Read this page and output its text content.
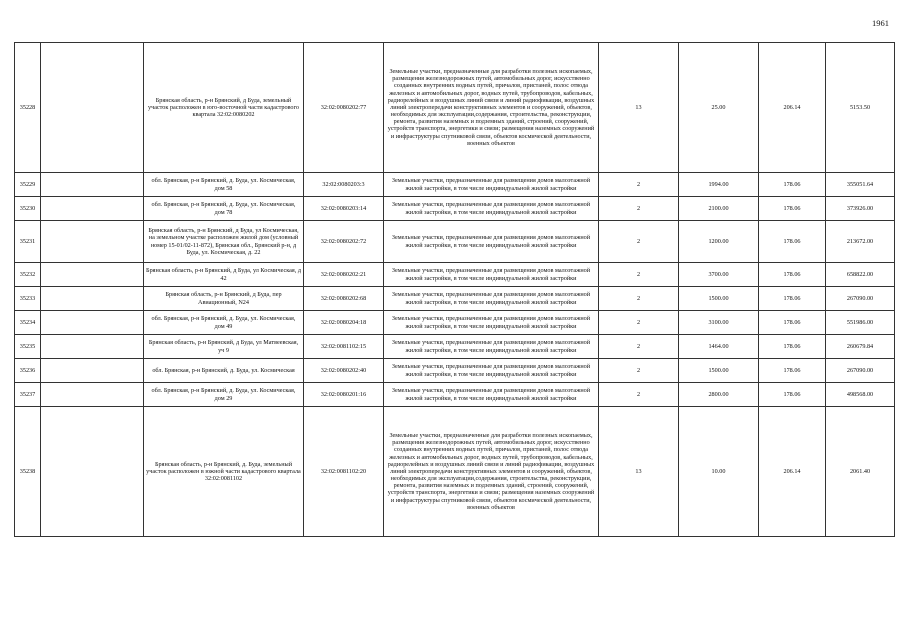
1961
35228		Брянская область, р-н Брянский, д Буда, земельный участок расположен в юго-восточной части кадастрового квартала 32:02:0080202	32:02:0080202:77	Земельные участки, предназначенные для разработки полезных ископаемых, размещения железнодорожных путей, автомобильных дорог, искусственно созданных внутренних водных путей, причалов, пристаней, полос отвода железных и автомобильных дорог, водных путей, трубопроводов, кабельных, радиорелейных и воздушных линий связи и линий радиофикации, воздушных линий электропередачи конструктивных элементов и сооружений, объектов, необходимых для эксплуатации,содержания, строительства, реконструкции, ремонта, развития наземных и подземных зданий, строений, сооружений, устройств транспорта, энергетики и связи; размещения наземных сооружений и инфраструктуры спутниковой связи, объектов космической деятельности, военных объектов	13	25.00	206.14	5153.50
35229		обл. Брянская, р-н Брянский, д. Буда, ул. Космическая, дом 58	32:02:0080203:3	Земельные участки, предназначенные для размещения домов малоэтажной жилой застройки, в том числе индивидуальной жилой застройки	2	1994.00	178.06	355051.64
35230		обл. Брянская, р-н Брянский, д. Буда, ул. Космическая, дом 78	32:02:0080203:14	Земельные участки, предназначенные для размещения домов малоэтажной жилой застройки, в том числе индивидуальной жилой застройки	2	2100.00	178.06	373926.00
35231		Брянская область, р-н Брянский, д Буда, ул Космическая, на земельном участке расположен жилой дом (условный номер 15-01/02-11-872), Брянская обл., Брянский р-н, д Буда, ул. Космическая, д. 22	32:02:0080202:72	Земельные участки, предназначенные для размещения домов малоэтажной жилой застройки, в том числе индивидуальной жилой застройки	2	1200.00	178.06	213672.00
35232		Брянская область, р-н Брянский, д Буда, ул Космическая, д 42	32:02:0080202:21	Земельные участки, предназначенные для размещения домов малоэтажной жилой застройки, в том числе индивидуальной жилой застройки	2	3700.00	178.06	658822.00
35233		Брянская область, р-н Брянский, д Буда, пер Авиационный, N24	32:02:0080202:68	Земельные участки, предназначенные для размещения домов малоэтажной жилой застройки, в том числе индивидуальной жилой застройки	2	1500.00	178.06	267090.00
35234		обл. Брянская, р-н Брянский, д. Буда, ул. Космическая, дом 49	32:02:0080204:18	Земельные участки, предназначенные для размещения домов малоэтажной жилой застройки, в том числе индивидуальной жилой застройки	2	3100.00	178.06	551986.00
35235		Брянская область, р-н Брянский, д Буда, ул Матвеевская, уч 9	32:02:0081102:15	Земельные участки, предназначенные для размещения домов малоэтажной жилой застройки, в том числе индивидуальной жилой застройки	2	1464.00	178.06	260679.84
35236		обл. Брянская, р-н Брянский, д. Буда, ул. Космическая	32:02:0080202:40	Земельные участки, предназначенные для размещения домов малоэтажной жилой застройки, в том числе индивидуальной жилой застройки	2	1500.00	178.06	267090.00
35237		обл. Брянская, р-н Брянский, д. Буда, ул. Космическая, дом 29	32:02:0080201:16	Земельные участки, предназначенные для размещения домов малоэтажной жилой застройки, в том числе индивидуальной жилой застройки	2	2800.00	178.06	498568.00
35238		Брянская область, р-н Брянский, д. Буда, земельный участок расположен в южной части кадастрового квартала 32:02:0081102	32:02:0081102:20	Земельные участки, предназначенные для разработки полезных ископаемых, размещения железнодорожных путей, автомобильных дорог, искусственно созданных внутренних водных путей, причалов, пристаней, полос отвода железных и автомобильных дорог, водных путей, трубопроводов, кабельных, радиорелейных и воздушных линий связи и линий радиофикации, воздушных линий электропередачи конструктивных элементов и сооружений, объектов, необходимых для эксплуатации,содержания, строительства, реконструкции, ремонта, развития наземных и подземных зданий, строений, сооружений, устройств транспорта, энергетики и связи; размещения наземных сооружений и инфраструктуры спутниковой связи, объектов космической деятельности, военных объектов	13	10.00	206.14	2061.40
